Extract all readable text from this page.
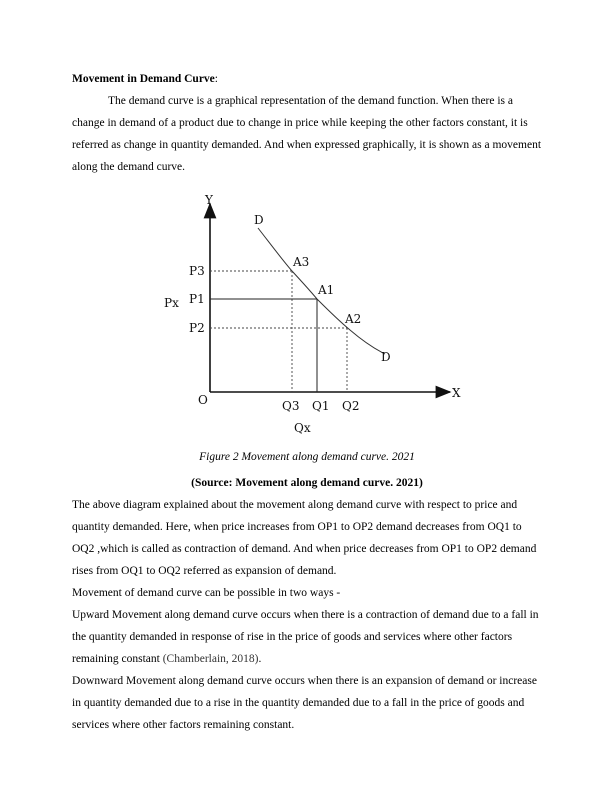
Movement in Demand Curve:

The demand curve is a graphical representation of the demand function. When there is a change in demand of a product due to change in price while keeping the other factors constant, it is referred as change in quantity demanded. And when expressed graphically, it is shown as a movement along the demand curve.

Y
X
O
Px
Qx
D
D
P3
P1
P2
A3
A1
A2
Q3 Q1 Q2
Figure 2 Movement along demand curve. 2021
(Source: Movement along demand curve. 2021)

The above diagram explained about the movement along demand curve with respect to price and quantity demanded. Here, when price increases from OP1 to OP2 demand decreases from OQ1 to OQ2 ,which is called as contraction of demand. And when price decreases from OP1 to OP2 demand rises from OQ1 to OQ2 referred as expansion of demand.

Movement of demand curve can be possible in two ways -

Upward Movement along demand curve occurs when there is a contraction of demand due to a fall in the quantity demanded in response of rise in the price of goods and services where other factors remaining constant (Chamberlain, 2018).

Downward Movement along demand curve occurs when there is an expansion of demand or increase in quantity demanded due to a rise in the quantity demanded due to a fall in the price of goods and services where other factors remaining constant.
